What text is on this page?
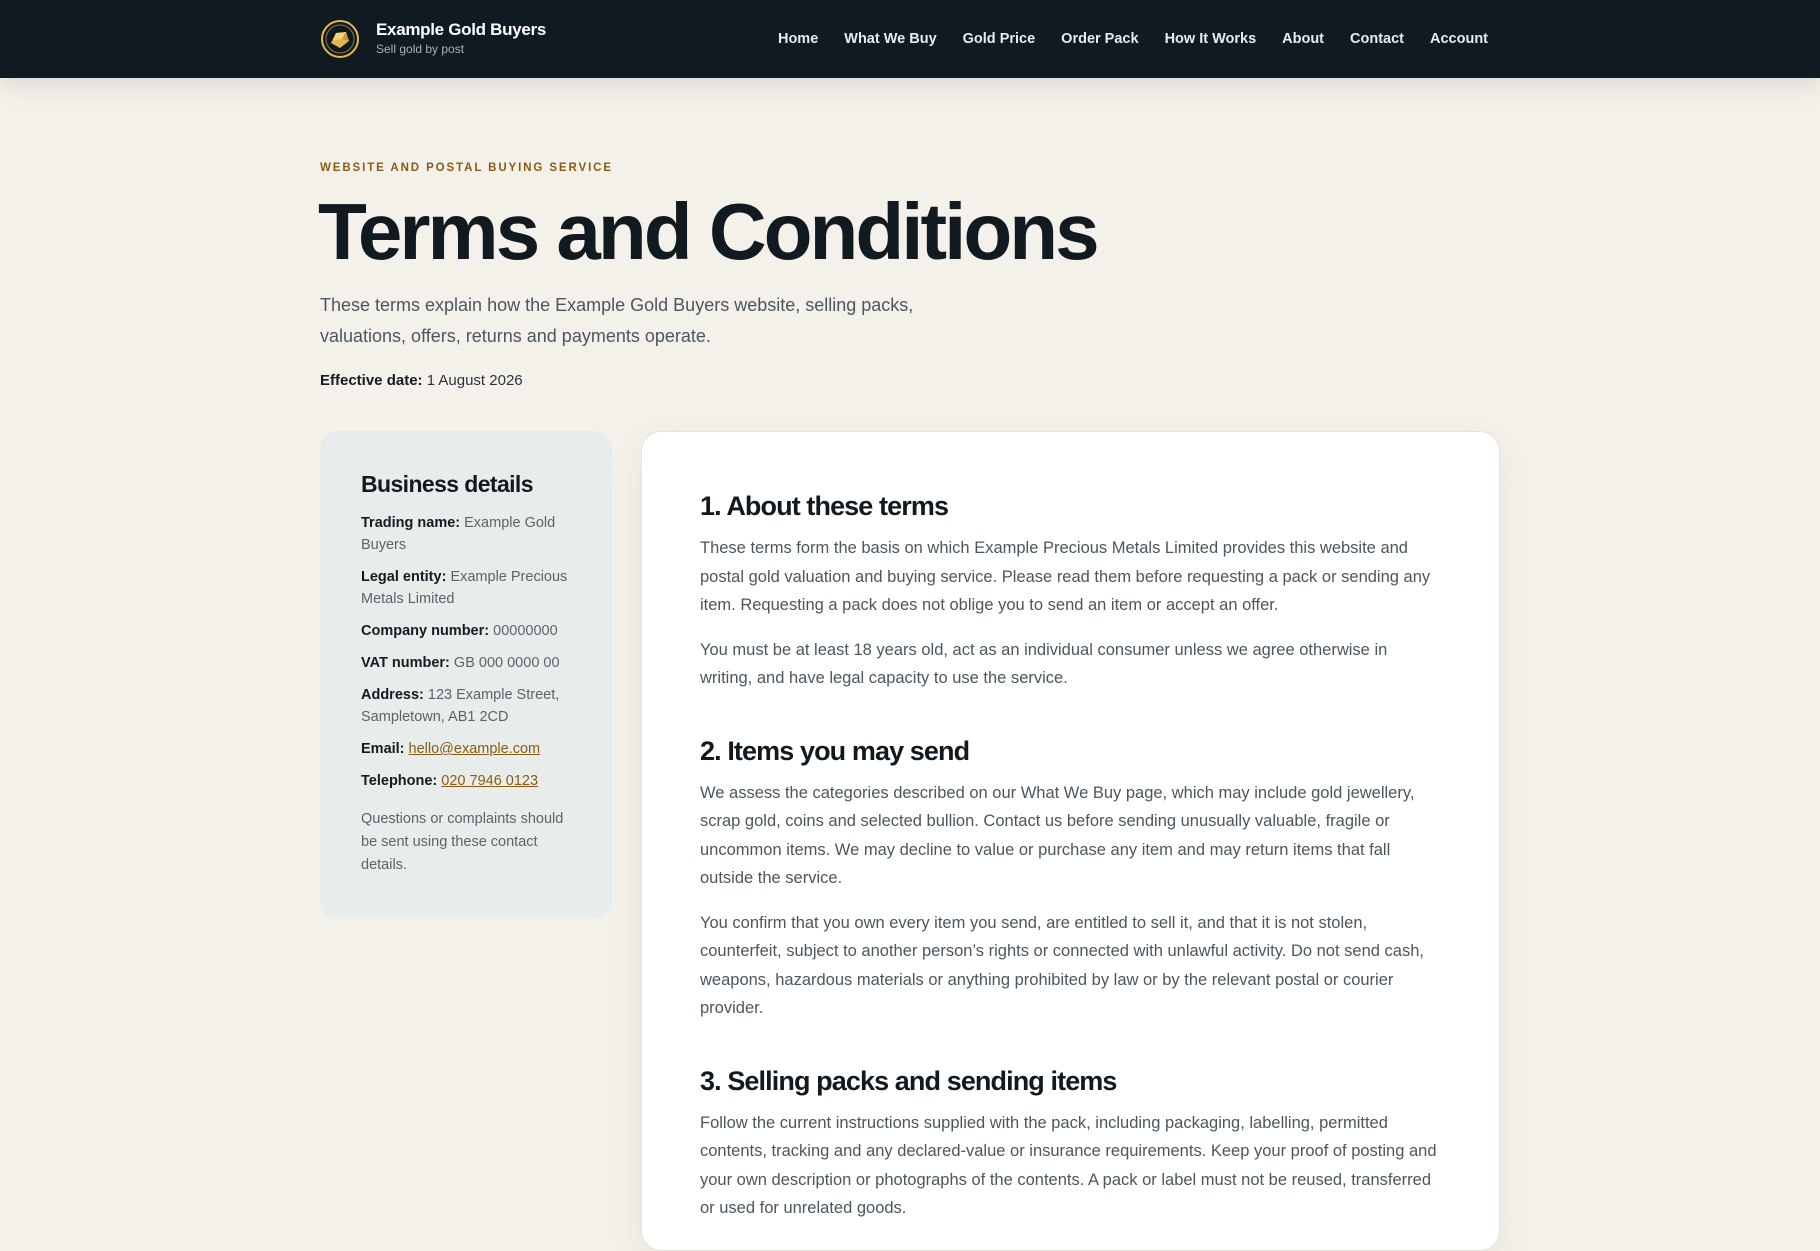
Example Gold Buyers
Sell gold by post
Home What We Buy Gold Price Order Pack How It Works About Contact Account
WEBSITE AND POSTAL BUYING SERVICE
Terms and Conditions

These terms explain how the Example Gold Buyers website, selling packs, valuations, offers, returns and payments operate.

Effective date: 1 August 2026

Business details

Trading name: Example Gold Buyers

Legal entity: Example Precious Metals Limited

Company number: 00000000

VAT number: GB 000 0000 00

Address: 123 Example Street, Sampletown, AB1 2CD

Email: hello@example.com

Telephone: 020 7946 0123

Questions or complaints should be sent using these contact details.

1. About these terms

These terms form the basis on which Example Precious Metals Limited provides this website and postal gold valuation and buying service. Please read them before requesting a pack or sending any item. Requesting a pack does not oblige you to send an item or accept an offer.

You must be at least 18 years old, act as an individual consumer unless we agree otherwise in writing, and have legal capacity to use the service.

2. Items you may send

We assess the categories described on our What We Buy page, which may include gold jewellery, scrap gold, coins and selected bullion. Contact us before sending unusually valuable, fragile or uncommon items. We may decline to value or purchase any item and may return items that fall outside the service.

You confirm that you own every item you send, are entitled to sell it, and that it is not stolen, counterfeit, subject to another person’s rights or connected with unlawful activity. Do not send cash, weapons, hazardous materials or anything prohibited by law or by the relevant postal or courier provider.

3. Selling packs and sending items

Follow the current instructions supplied with the pack, including packaging, labelling, permitted contents, tracking and any declared-value or insurance requirements. Keep your proof of posting and your own description or photographs of the contents. A pack or label must not be reused, transferred or used for unrelated goods.
